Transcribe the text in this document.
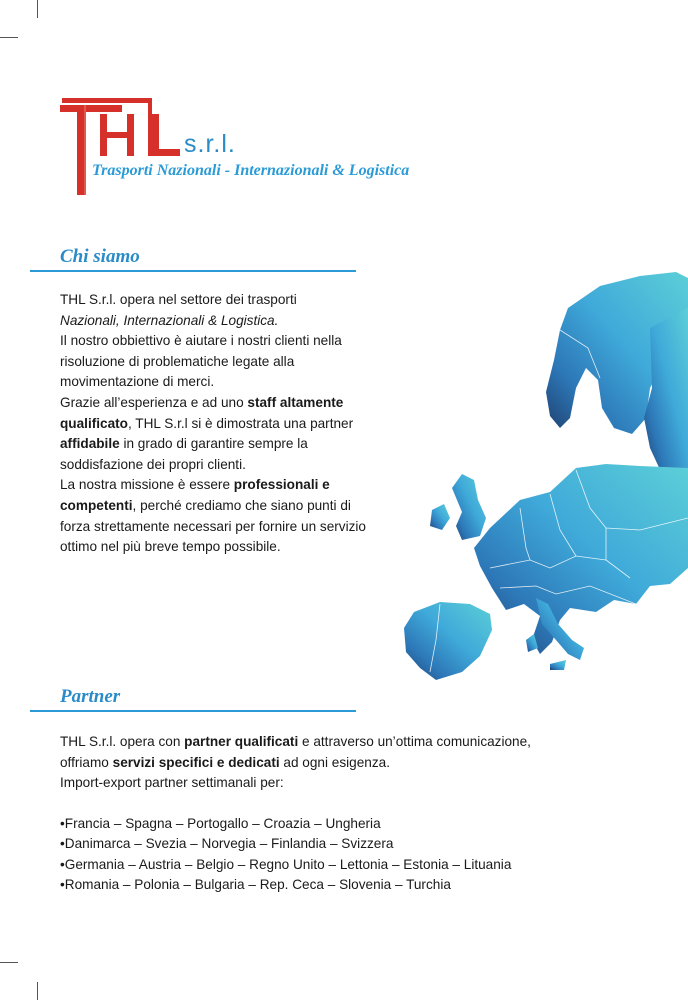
s.r.l.
Trasporti Nazionali - Internazionali & Logistica
Chi siamo

THL S.r.l. opera nel settore dei trasporti

Nazionali, Internazionali & Logistica.

Il nostro obbiettivo è aiutare i nostri clienti nella

risoluzione di problematiche legate alla

movimentazione di merci.

Grazie all’esperienza e ad uno staff altamente

qualificato, THL S.r.l si è dimostrata una partner

affidabile in grado di garantire sempre la

soddisfazione dei propri clienti.

La nostra missione è essere professionali e

competenti, perché crediamo che siano punti di

forza strettamente necessari per fornire un servizio

ottimo nel più breve tempo possibile.

Partner

THL S.r.l. opera con partner qualificati e attraverso un’ottima comunicazione,

offriamo servizi specifici e dedicati ad ogni esigenza.

Import-export partner settimanali per:

•Francia – Spagna – Portogallo – Croazia – Ungheria

•Danimarca – Svezia – Norvegia – Finlandia – Svizzera

•Germania – Austria – Belgio – Regno Unito – Lettonia – Estonia – Lituania

•Romania – Polonia – Bulgaria – Rep. Ceca – Slovenia – Turchia
